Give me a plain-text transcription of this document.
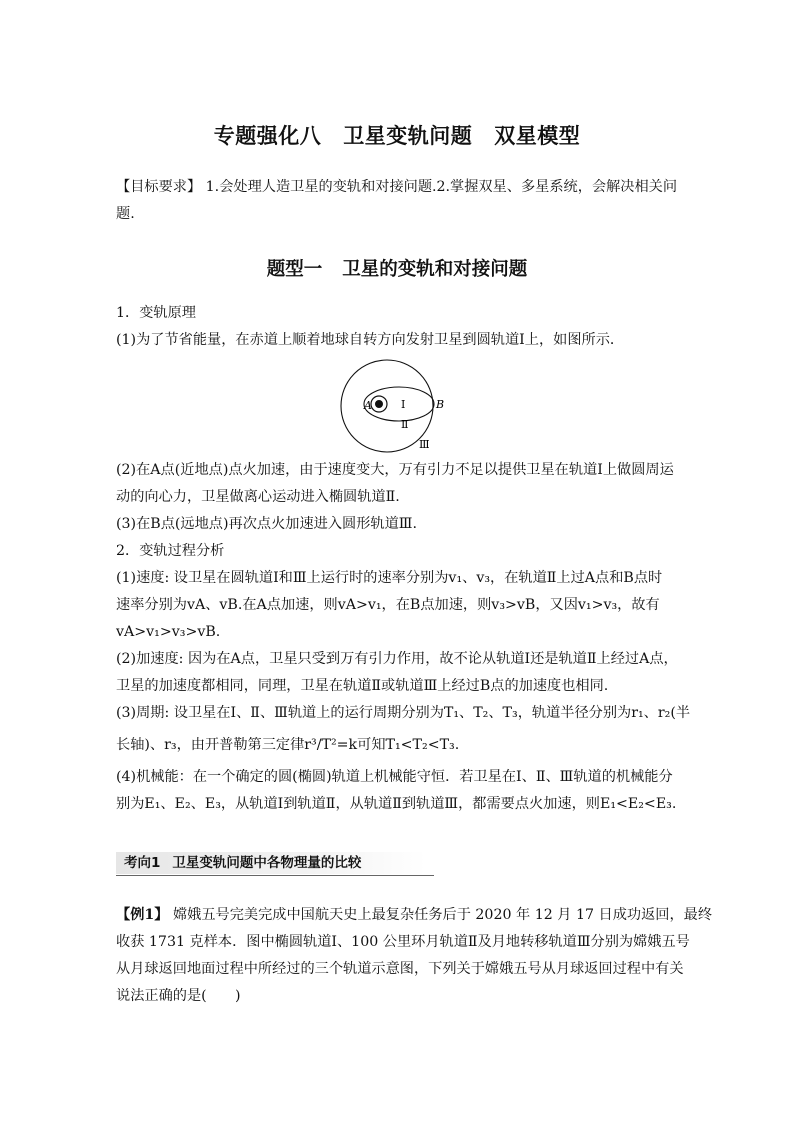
专题强化八 卫星变轨问题 双星模型
【目标要求】 1.会处理人造卫星的变轨和对接问题.2.掌握双星、多星系统，会解决相关问
题.
题型一 卫星的变轨和对接问题
1．变轨原理
(1)为了节省能量，在赤道上顺着地球自转方向发射卫星到圆轨道Ⅰ上，如图所示．
A	Ⅰ	B
Ⅱ
Ⅲ
(2)在A点(近地点)点火加速，由于速度变大，万有引力不足以提供卫星在轨道Ⅰ上做圆周运
动的向心力，卫星做离心运动进入椭圆轨道Ⅱ.
(3)在B点(远地点)再次点火加速进入圆形轨道Ⅲ.
2．变轨过程分析
(1)速度: 设卫星在圆轨道Ⅰ和Ⅲ上运行时的速率分别为v₁、v₃，在轨道Ⅱ上过A点和B点时
速率分别为vA、vB.在A点加速，则vA>v₁，在B点加速，则v₃>vB，又因v₁>v₃，故有
vA>v₁>v₃>vB.
(2)加速度: 因为在A点，卫星只受到万有引力作用，故不论从轨道Ⅰ还是轨道Ⅱ上经过A点，
卫星的加速度都相同，同理，卫星在轨道Ⅱ或轨道Ⅲ上经过B点的加速度也相同.
(3)周期: 设卫星在Ⅰ、Ⅱ、Ⅲ轨道上的运行周期分别为T₁、T₂、T₃，轨道半径分别为r₁、r₂(半
长轴)、r₃，由开普勒第三定律r³/T²=k可知T₁<T₂<T₃.
(4)机械能：在一个确定的圆(椭圆)轨道上机械能守恒．若卫星在Ⅰ、Ⅱ、Ⅲ轨道的机械能分
别为E₁、E₂、E₃，从轨道Ⅰ到轨道Ⅱ，从轨道Ⅱ到轨道Ⅲ，都需要点火加速，则E₁<E₂<E₃.
考向1 卫星变轨问题中各物理量的比较
【例1】 嫦娥五号完美完成中国航天史上最复杂任务后于 2020 年 12 月 17 日成功返回，最终
收获 1731 克样本．图中椭圆轨道Ⅰ、100 公里环月轨道Ⅱ及月地转移轨道Ⅲ分别为嫦娥五号
从月球返回地面过程中所经过的三个轨道示意图，下列关于嫦娥五号从月球返回过程中有关
说法正确的是(　　)
